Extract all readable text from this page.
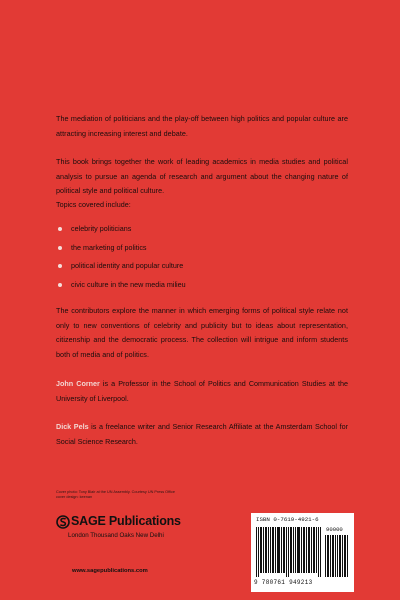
The mediation of politicians and the play-off between high politics and popular culture are attracting increasing interest and debate.
This book brings together the work of leading academics in media studies and political analysis to pursue an agenda of research and argument about the changing nature of political style and political culture.
Topics covered include:
celebrity politicians
the marketing of politics
political identity and popular culture
civic culture in the new media milieu
The contributors explore the manner in which emerging forms of political style relate not only to new conventions of celebrity and publicity but to ideas about representation, citizenship and the democratic process. The collection will intrigue and inform students both of media and of politics.
John Corner is a Professor in the School of Politics and Communication Studies at the University of Liverpool.
Dick Pels is a freelance writer and Senior Research Affiliate at the Amsterdam School for Social Science Research.
Cover photo: Tony Blair at the UN Assembly. Courtesy UN Press Office
cover design: keenan
SAGE Publications
London Thousand Oaks New Delhi
www.sagepublications.com
ISBN 0-7619-4921-6
90000
9 780761 949213
